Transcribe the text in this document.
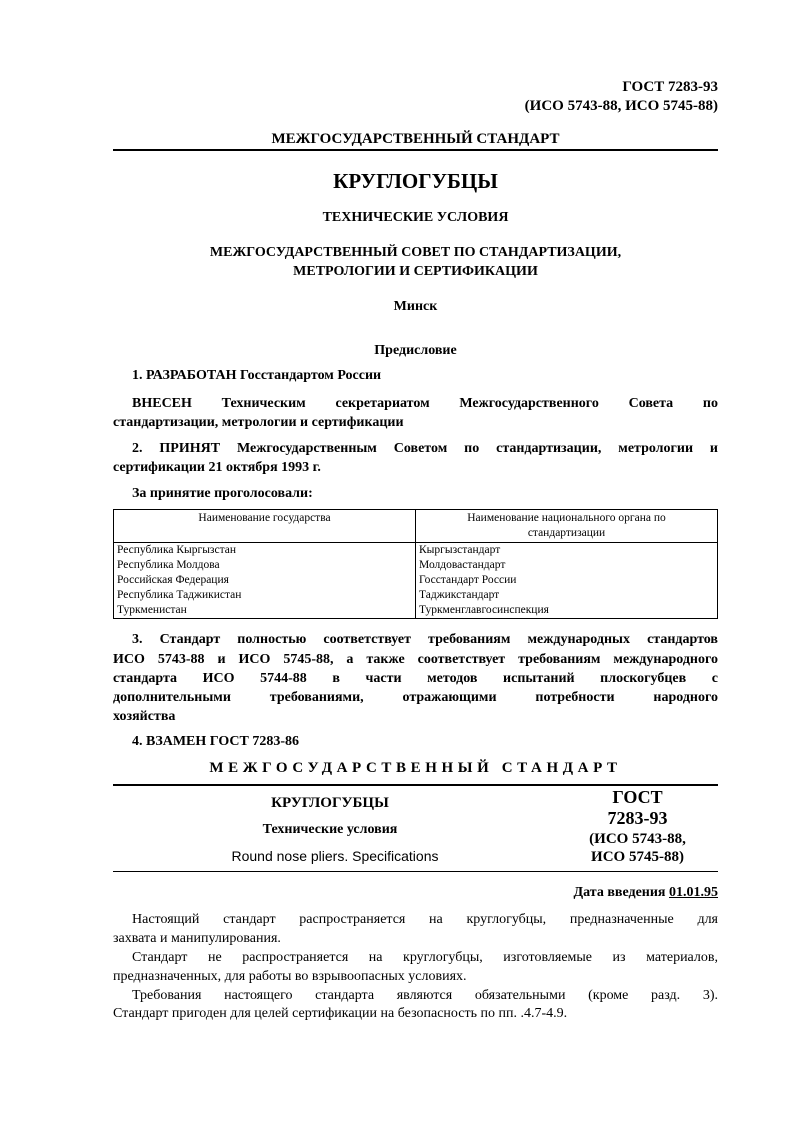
ГОСТ 7283-93
(ИСО 5743-88, ИСО 5745-88)
МЕЖГОСУДАРСТВЕННЫЙ СТАНДАРТ
КРУГЛОГУБЦЫ
ТЕХНИЧЕСКИЕ УСЛОВИЯ
МЕЖГОСУДАРСТВЕННЫЙ СОВЕТ ПО СТАНДАРТИЗАЦИИ,
МЕТРОЛОГИИ И СЕРТИФИКАЦИИ
Минск
Предисловие
1. РАЗРАБОТАН Госстандартом России
ВНЕСЕН Техническим секретариатом Межгосударственного Совета по
стандартизации, метрологии и сертификации
2. ПРИНЯТ Межгосударственным Советом по стандартизации, метрологии и
сертификации 21 октября 1993 г.
За принятие проголосовали:
Наименование государства	Наименование национального органа по
стандартизации
Республика Кыргызстан	Кыргызстандарт
Республика Молдова	Молдовастандарт
Российская Федерация	Госстандарт России
Республика Таджикистан	Таджикстандарт
Туркменистан	Туркменглавгосинспекция
3. Стандарт полностью соответствует требованиям международных стандартов
ИСО 5743-88 и ИСО 5745-88, а также соответствует требованиям международного
стандарта ИСО 5744-88 в части методов испытаний плоскогубцев с
дополнительными требованиями, отражающими потребности народного
хозяйства
4. ВЗАМЕН ГОСТ 7283-86
МЕЖГОСУДАРСТВЕННЫЙ СТАНДАРТ
КРУГЛОГУБЦЫ
Технические условия
Round nose pliers. Specifications
ГОСТ
7283-93
(ИСО 5743-88,
ИСО 5745-88)
Дата введения 01.01.95
Настоящий стандарт распространяется на круглогубцы, предназначенные для
захвата и манипулирования.
Стандарт не распространяется на круглогубцы, изготовляемые из материалов,
предназначенных, для работы во взрывоопасных условиях.
Требования настоящего стандарта являются обязательными (кроме разд. 3).
Стандарт пригоден для целей сертификации на безопасность по пп. .4.7-4.9.
